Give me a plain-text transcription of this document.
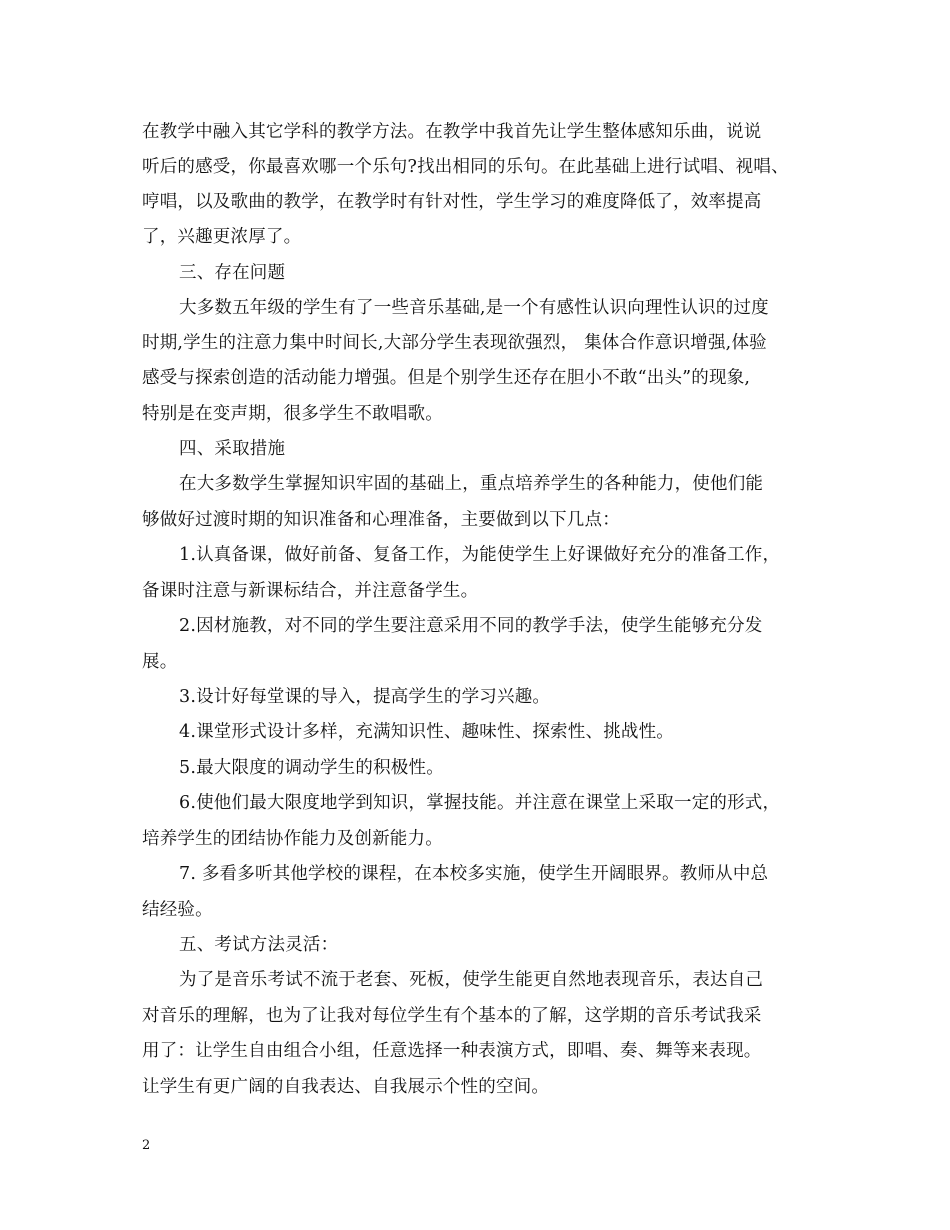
在教学中融入其它学科的教学方法。在教学中我首先让学生整体感知乐曲，说说
听后的感受，你最喜欢哪一个乐句?找出相同的乐句。在此基础上进行试唱、视唱、
哼唱，以及歌曲的教学，在教学时有针对性，学生学习的难度降低了，效率提高
了，兴趣更浓厚了。
三、存在问题
大多数五年级的学生有了一些音乐基础,是一个有感性认识向理性认识的过度
时期,学生的注意力集中时间长,大部分学生表现欲强烈， 集体合作意识增强,体验
感受与探索创造的活动能力增强。但是个别学生还存在胆小不敢“出头”的现象,
特别是在变声期，很多学生不敢唱歌。
四、采取措施
在大多数学生掌握知识牢固的基础上，重点培养学生的各种能力，使他们能
够做好过渡时期的知识准备和心理准备，主要做到以下几点：
1.认真备课，做好前备、复备工作，为能使学生上好课做好充分的准备工作，
备课时注意与新课标结合，并注意备学生。
2.因材施教，对不同的学生要注意采用不同的教学手法，使学生能够充分发
展。
3.设计好每堂课的导入，提高学生的学习兴趣。
4.课堂形式设计多样，充满知识性、趣味性、探索性、挑战性。
5.最大限度的调动学生的积极性。
6.使他们最大限度地学到知识，掌握技能。并注意在课堂上采取一定的形式，
培养学生的团结协作能力及创新能力。
7. 多看多听其他学校的课程，在本校多实施，使学生开阔眼界。教师从中总
结经验。
五、考试方法灵活：
为了是音乐考试不流于老套、死板，使学生能更自然地表现音乐，表达自己
对音乐的理解，也为了让我对每位学生有个基本的了解，这学期的音乐考试我采
用了：让学生自由组合小组，任意选择一种表演方式，即唱、奏、舞等来表现。
让学生有更广阔的自我表达、自我展示个性的空间。
2
